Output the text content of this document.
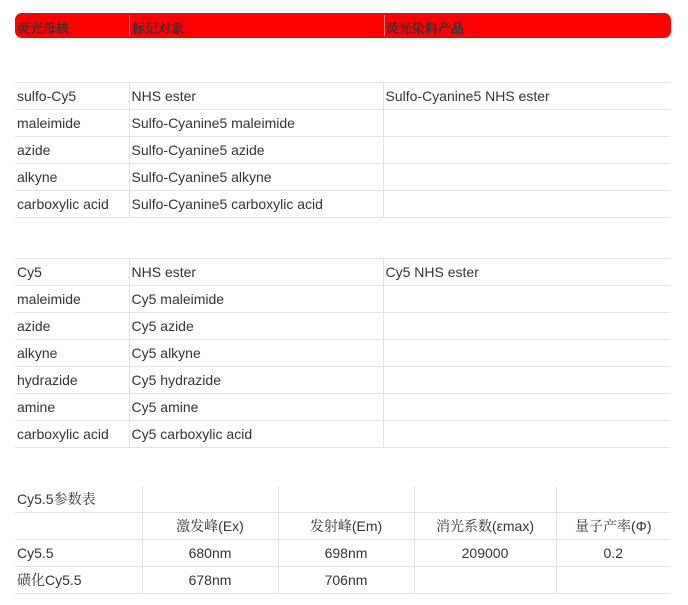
荧光母核	标记对象	荧光染料产品
sulfo-Cy5	NHS ester	Sulfo-Cyanine5 NHS ester
maleimide	Sulfo-Cyanine5 maleimide	
azide	Sulfo-Cyanine5 azide	
alkyne	Sulfo-Cyanine5 alkyne	
carboxylic acid	Sulfo-Cyanine5 carboxylic acid	
Cy5	NHS ester	Cy5 NHS ester
maleimide	Cy5 maleimide	
azide	Cy5 azide	
alkyne	Cy5 alkyne	
hydrazide	Cy5 hydrazide	
amine	Cy5 amine	
carboxylic acid	Cy5 carboxylic acid	
Cy5.5参数表				
	激发峰(Ex)	发射峰(Em)	消光系数(εmax)	量子产率(Φ)
Cy5.5	680nm	698nm	209000	0.2
磺化Cy5.5	678nm	706nm		
